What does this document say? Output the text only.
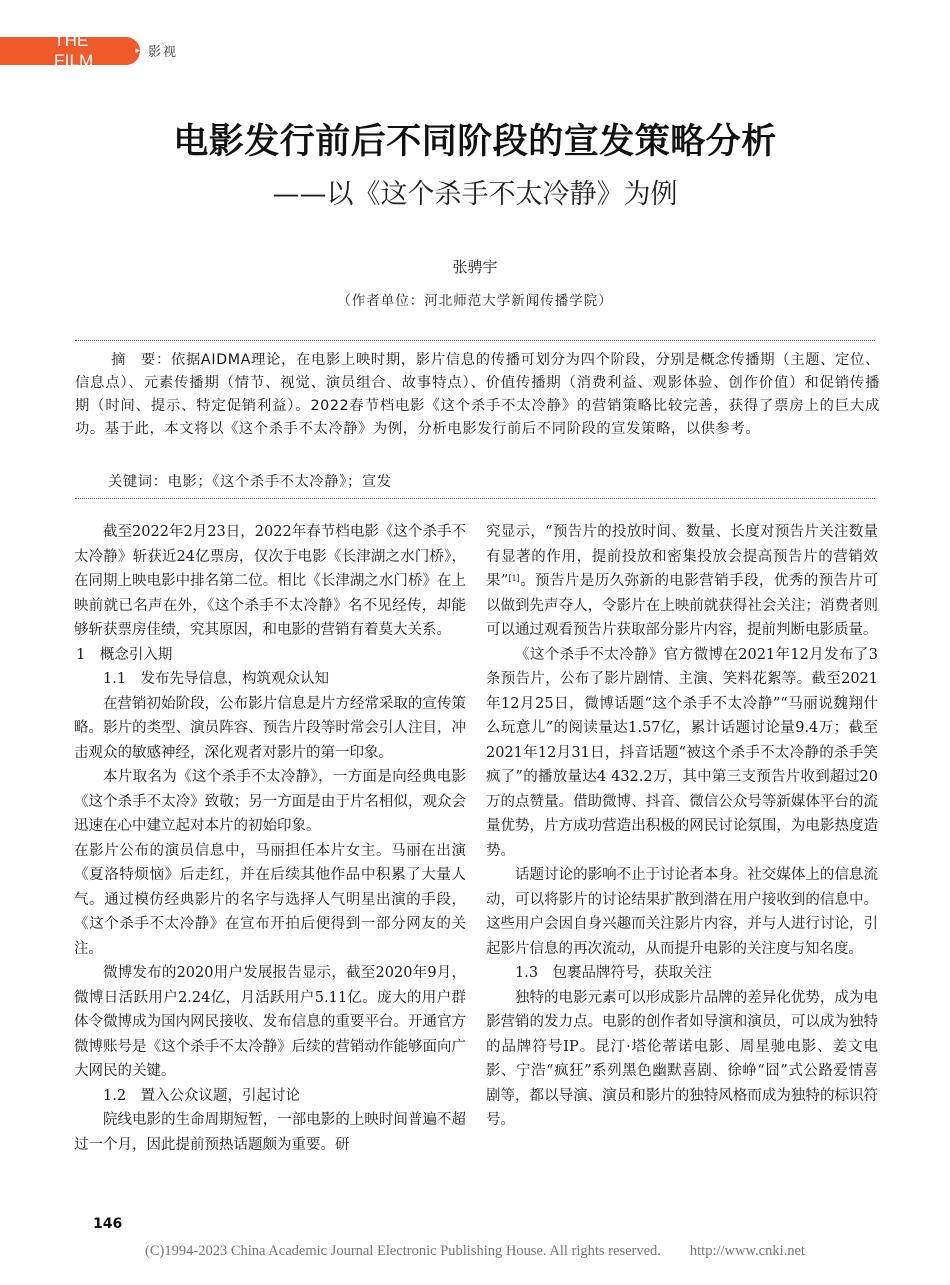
THE FILM	▸ 影视
电影发行前后不同阶段的宣发策略分析
——以《这个杀手不太冷静》为例
张骋宇
（作者单位：河北师范大学新闻传播学院）
摘　要：依据AIDMA理论，在电影上映时期，影片信息的传播可划分为四个阶段，分别是概念传播期（主题、定位、信息点）、元素传播期（情节、视觉、演员组合、故事特点）、价值传播期（消费利益、观影体验、创作价值）和促销传播期（时间、提示、特定促销利益）。2022春节档电影《这个杀手不太冷静》的营销策略比较完善，获得了票房上的巨大成功。基于此，本文将以《这个杀手不太冷静》为例，分析电影发行前后不同阶段的宣发策略，以供参考。
关键词：电影；《这个杀手不太冷静》；宣发

截至2022年2月23日，2022年春节档电影《这个杀手不太冷静》斩获近24亿票房，仅次于电影《长津湖之水门桥》，在同期上映电影中排名第二位。相比《长津湖之水门桥》在上映前就已名声在外，《这个杀手不太冷静》名不见经传，却能够斩获票房佳绩，究其原因，和电影的营销有着莫大关系。

1　概念引入期

1.1　发布先导信息，构筑观众认知

在营销初始阶段，公布影片信息是片方经常采取的宣传策略。影片的类型、演员阵容、预告片段等时常会引人注目，冲击观众的敏感神经，深化观者对影片的第一印象。

本片取名为《这个杀手不太冷静》，一方面是向经典电影《这个杀手不太冷》致敬；另一方面是由于片名相似，观众会迅速在心中建立起对本片的初始印象。

在影片公布的演员信息中，马丽担任本片女主。马丽在出演《夏洛特烦恼》后走红，并在后续其他作品中积累了大量人气。通过模仿经典影片的名字与选择人气明星出演的手段，《这个杀手不太冷静》在宣布开拍后便得到一部分网友的关注。

微博发布的2020用户发展报告显示，截至2020年9月，微博日活跃用户2.24亿，月活跃用户5.11亿。庞大的用户群体令微博成为国内网民接收、发布信息的重要平台。开通官方微博账号是《这个杀手不太冷静》后续的营销动作能够面向广大网民的关键。

1.2　置入公众议题，引起讨论

院线电影的生命周期短暂，一部电影的上映时间普遍不超过一个月，因此提前预热话题颇为重要。研

究显示，“预告片的投放时间、数量、长度对预告片关注数量有显著的作用，提前投放和密集投放会提高预告片的营销效果”[1]。预告片是历久弥新的电影营销手段，优秀的预告片可以做到先声夺人，令影片在上映前就获得社会关注；消费者则可以通过观看预告片获取部分影片内容，提前判断电影质量。

《这个杀手不太冷静》官方微博在2021年12月发布了3条预告片，公布了影片剧情、主演、笑料花絮等。截至2021年12月25日，微博话题“这个杀手不太冷静”“马丽说魏翔什么玩意儿”的阅读量达1.57亿，累计话题讨论量9.4万；截至2021年12月31日，抖音话题“被这个杀手不太冷静的杀手笑疯了”的播放量达4 432.2万，其中第三支预告片收到超过20万的点赞量。借助微博、抖音、微信公众号等新媒体平台的流量优势，片方成功营造出积极的网民讨论氛围，为电影热度造势。

话题讨论的影响不止于讨论者本身。社交媒体上的信息流动，可以将影片的讨论结果扩散到潜在用户接收到的信息中。这些用户会因自身兴趣而关注影片内容，并与人进行讨论，引起影片信息的再次流动，从而提升电影的关注度与知名度。

1.3　包裹品牌符号，获取关注

独特的电影元素可以形成影片品牌的差异化优势，成为电影营销的发力点。电影的创作者如导演和演员，可以成为独特的品牌符号IP。昆汀·塔伦蒂诺电影、周星驰电影、姜文电影、宁浩“疯狂”系列黑色幽默喜剧、徐峥“囧”式公路爱情喜剧等，都以导演、演员和影片的独特风格而成为独特的标识符号。

146
(C)1994-2023 China Academic Journal Electronic Publishing House. All rights reserved.　　http://www.cnki.net
